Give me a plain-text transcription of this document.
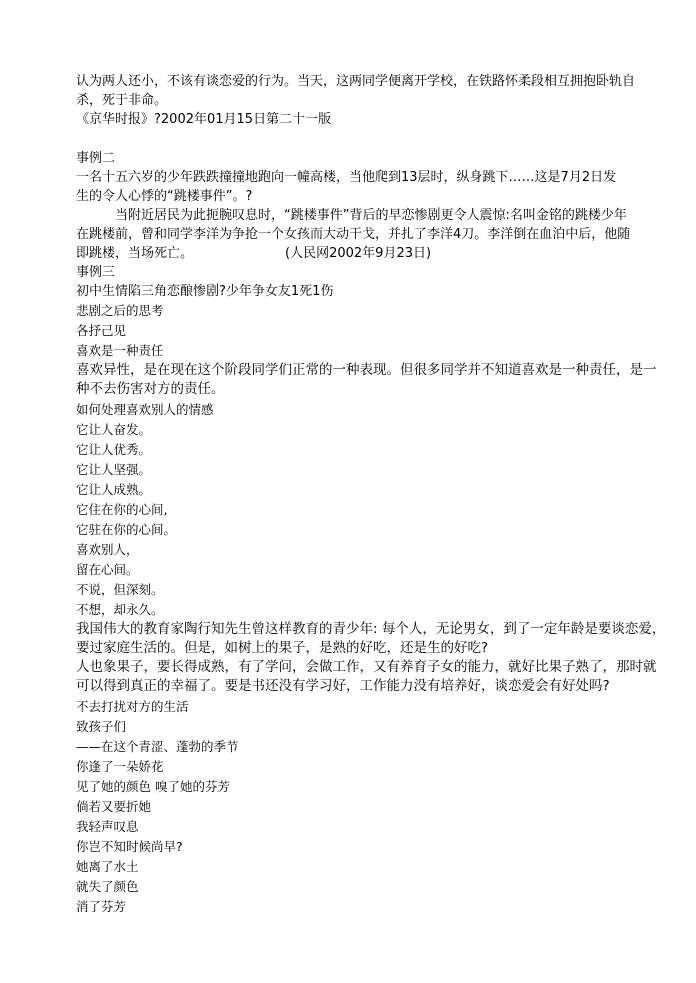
认为两人还小，不该有谈恋爱的行为。当天，这两同学便离开学校，在铁路怀柔段相互拥抱卧轨自
杀，死于非命。
《京华时报》?2002年01月15日第二十一版
事例二
一名十五六岁的少年跌跌撞撞地跑向一幢高楼，当他爬到13层时，纵身跳下……这是7月2日发
生的令人心悸的“跳楼事件”。?
当附近居民为此扼腕叹息时，“跳楼事件”背后的早恋惨剧更令人震惊:名叫金铭的跳楼少年
在跳楼前，曾和同学李洋为争抢一个女孩而大动干戈，并扎了李洋4刀。李洋倒在血泊中后，他随
即跳楼，当场死亡。	(人民网2002年9月23日)
事例三
初中生情陷三角恋酿惨剧?少年争女友1死1伤
悲剧之后的思考
各抒己见
喜欢是一种责任
喜欢异性，是在现在这个阶段同学们正常的一种表现。但很多同学并不知道喜欢是一种责任，是一
种不去伤害对方的责任。
如何处理喜欢别人的情感
它让人奋发。
它让人优秀。
它让人坚强。
它让人成熟。
它住在你的心间,
它驻在你的心间。
喜欢别人，
留在心间。
不说，但深刻。
不想，却永久。
我国伟大的教育家陶行知先生曾这样教育的青少年: 每个人，无论男女，到了一定年龄是要谈恋爱，
要过家庭生活的。但是，如树上的果子，是熟的好吃，还是生的好吃?
人也象果子，要长得成熟，有了学问，会做工作，又有养育子女的能力，就好比果子熟了，那时就
可以得到真正的幸福了。要是书还没有学习好，工作能力没有培养好，谈恋爱会有好处吗?
不去打扰对方的生活
致孩子们
——在这个青涩、蓬勃的季节
你逢了一朵娇花
见了她的颜色 嗅了她的芬芳
倘若又要折她
我轻声叹息
你岂不知时候尚早?
她离了水土
就失了颜色
消了芬芳
